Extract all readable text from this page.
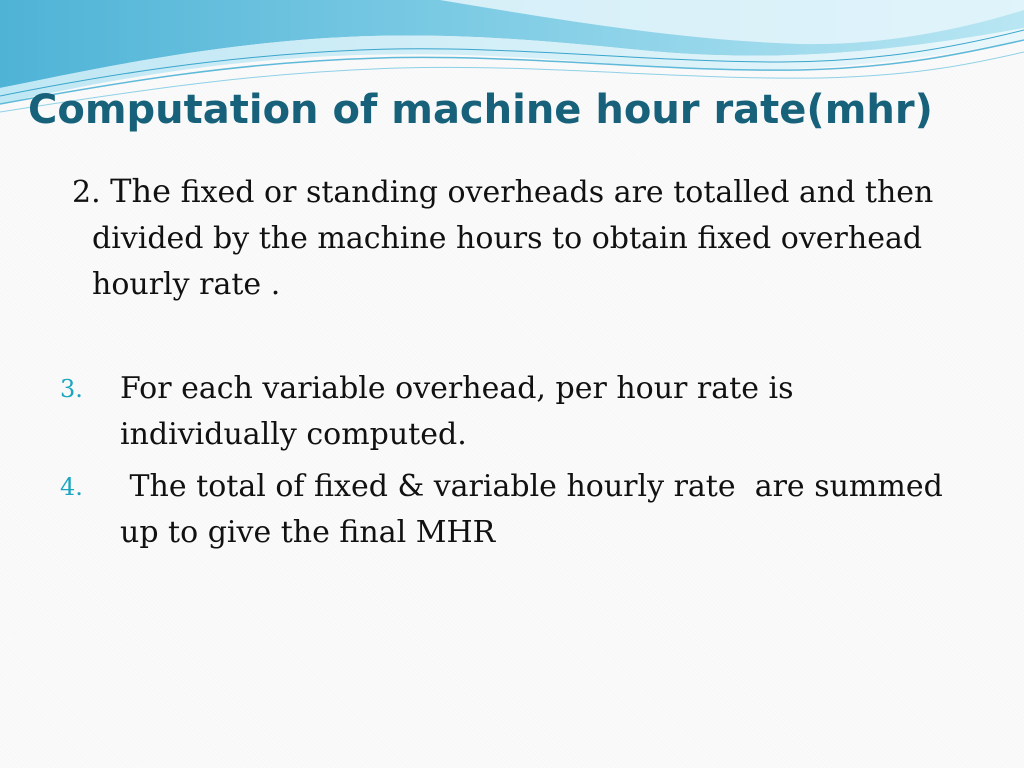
Computation of machine hour rate(mhr)
2. The fixed or standing overheads are totalled and then
divided by the machine hours to obtain fixed overhead
hourly rate .
3. For each variable overhead, per hour rate is
individually computed.
4. The total of fixed & variable hourly rate  are summed
up to give the final MHR
